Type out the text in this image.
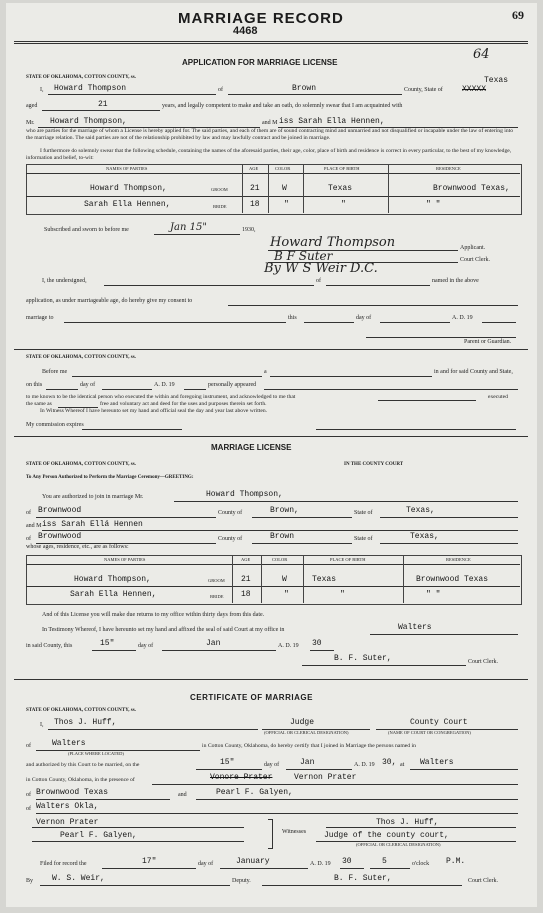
MARRIAGE RECORD
4468
69
APPLICATION FOR MARRIAGE LICENSE
64
STATE OF OKLAHOMA, COTTON COUNTY, ss.
I, Howard Thompson	of	Brown	County, State of XXXXX
Texas
aged	21	years, and legally competent to make and take an oath, do solemnly swear that I am acquainted with
Mr. Howard Thompson,	and M iss Sarah Ella Hennen,
who are parties for the marriage of whom a License is hereby applied for. The said parties, and each of them are of sound contracting mind and unmarried and not disqualified or incapable under the law of entering into the marriage relation. The said parties are not of the relationship prohibited by law and may lawfully contract and be joined in marriage.
I furthermore do solemnly swear that the following schedule, containing the names of the aforesaid parties, their age, color, place of birth and residence is correct in every particular, to the best of my knowledge, information and belief, to-wit:
NAMES OF PARTIES	AGE	COLOR	PLACE OF BIRTH	RESIDENCE
Howard Thompson,	GROOM	21	W	Texas	Brownwood Texas,
Sarah Ella Hennen,	BRIDE	18	"	"	" "
Subscribed and sworn to before me	Jan 15"	1930,
Howard Thompson	Applicant.
B F Suter	Court Clerk.
By W S Weir D.C.
I, the undersigned,	of	named in the above
application, as under marriageable age, do hereby give my consent to
marriage to	this	day of	A. D. 19
Parent or Guardian.
STATE OF OKLAHOMA, COTTON COUNTY, ss.
Before me	a	in and for said County and State,
on this	day of	A. D. 19	personally appeared
to me known to be the identical person who executed the within and foregoing instrument, and acknowledged to me that	executed
the same as	free and voluntary act and deed for the uses and purposes therein set forth.
In Witness Whereof I have hereunto set my hand and official seal the day and year last above written.
My commission expires
MARRIAGE LICENSE
STATE OF OKLAHOMA, COTTON COUNTY, ss.	IN THE COUNTY COURT
To Any Person Authorized to Perform the Marriage Ceremony—GREETING:
You are authorized to join in marriage Mr.	Howard Thompson,
of Brownwood	County of	Brown,	State of	Texas,
and M iss Sarah Ellá Hennen
of Brownwood	County of	Brown	State of	Texas,
whose ages, residence, etc., are as follows:
NAMES OF PARTIES	AGE	COLOR	PLACE OF BIRTH	RESIDENCE
Howard Thompson,	GROOM 21	W	Texas	Brownwood Texas
Sarah Ella Hennen,	BRIDE 18	"	"	" "
And of this License you will make due returns to my office within thirty days from this date.
In Testimony Whereof, I have hereunto set my hand and affixed the seal of said Court at my office in	Walters
in said County, this	15"	day of	Jan	A. D. 19 30
B. F. Suter,	Court Clerk.
CERTIFICATE OF MARRIAGE
STATE OF OKLAHOMA, COTTON COUNTY, ss.
I, Thos J. Huff,	Judge	County Court
(OFFICIAL OR CLERICAL DESIGNATION)	(NAME OF COURT OR CONGREGATION)
of	Walters
(PLACE WHERE LOCATED)
in Cotton County, Oklahoma, do hereby certify that I joined in Marriage the persons named in
and authorized by this Court to be married, on the	15"	day of	Jan	A. D. 19 30, at Walters
in Cotton County, Oklahoma, in the presence of	Vonore Prater	Vernon Prater
of Brownwood Texas	and	Pearl F. Galyen,
of Walters Okla,
Vernon Prater
Pearl F. Galyen,	Witnesses
Thos J. Huff,
Judge of the county court,
(OFFICIAL OR CLERICAL DESIGNATION)
Filed for record the	17"	day of	January	A. D. 19 30	5	o'clock P.M.
By W. S. Weir,	Deputy.	B. F. Suter,	Court Clerk.
